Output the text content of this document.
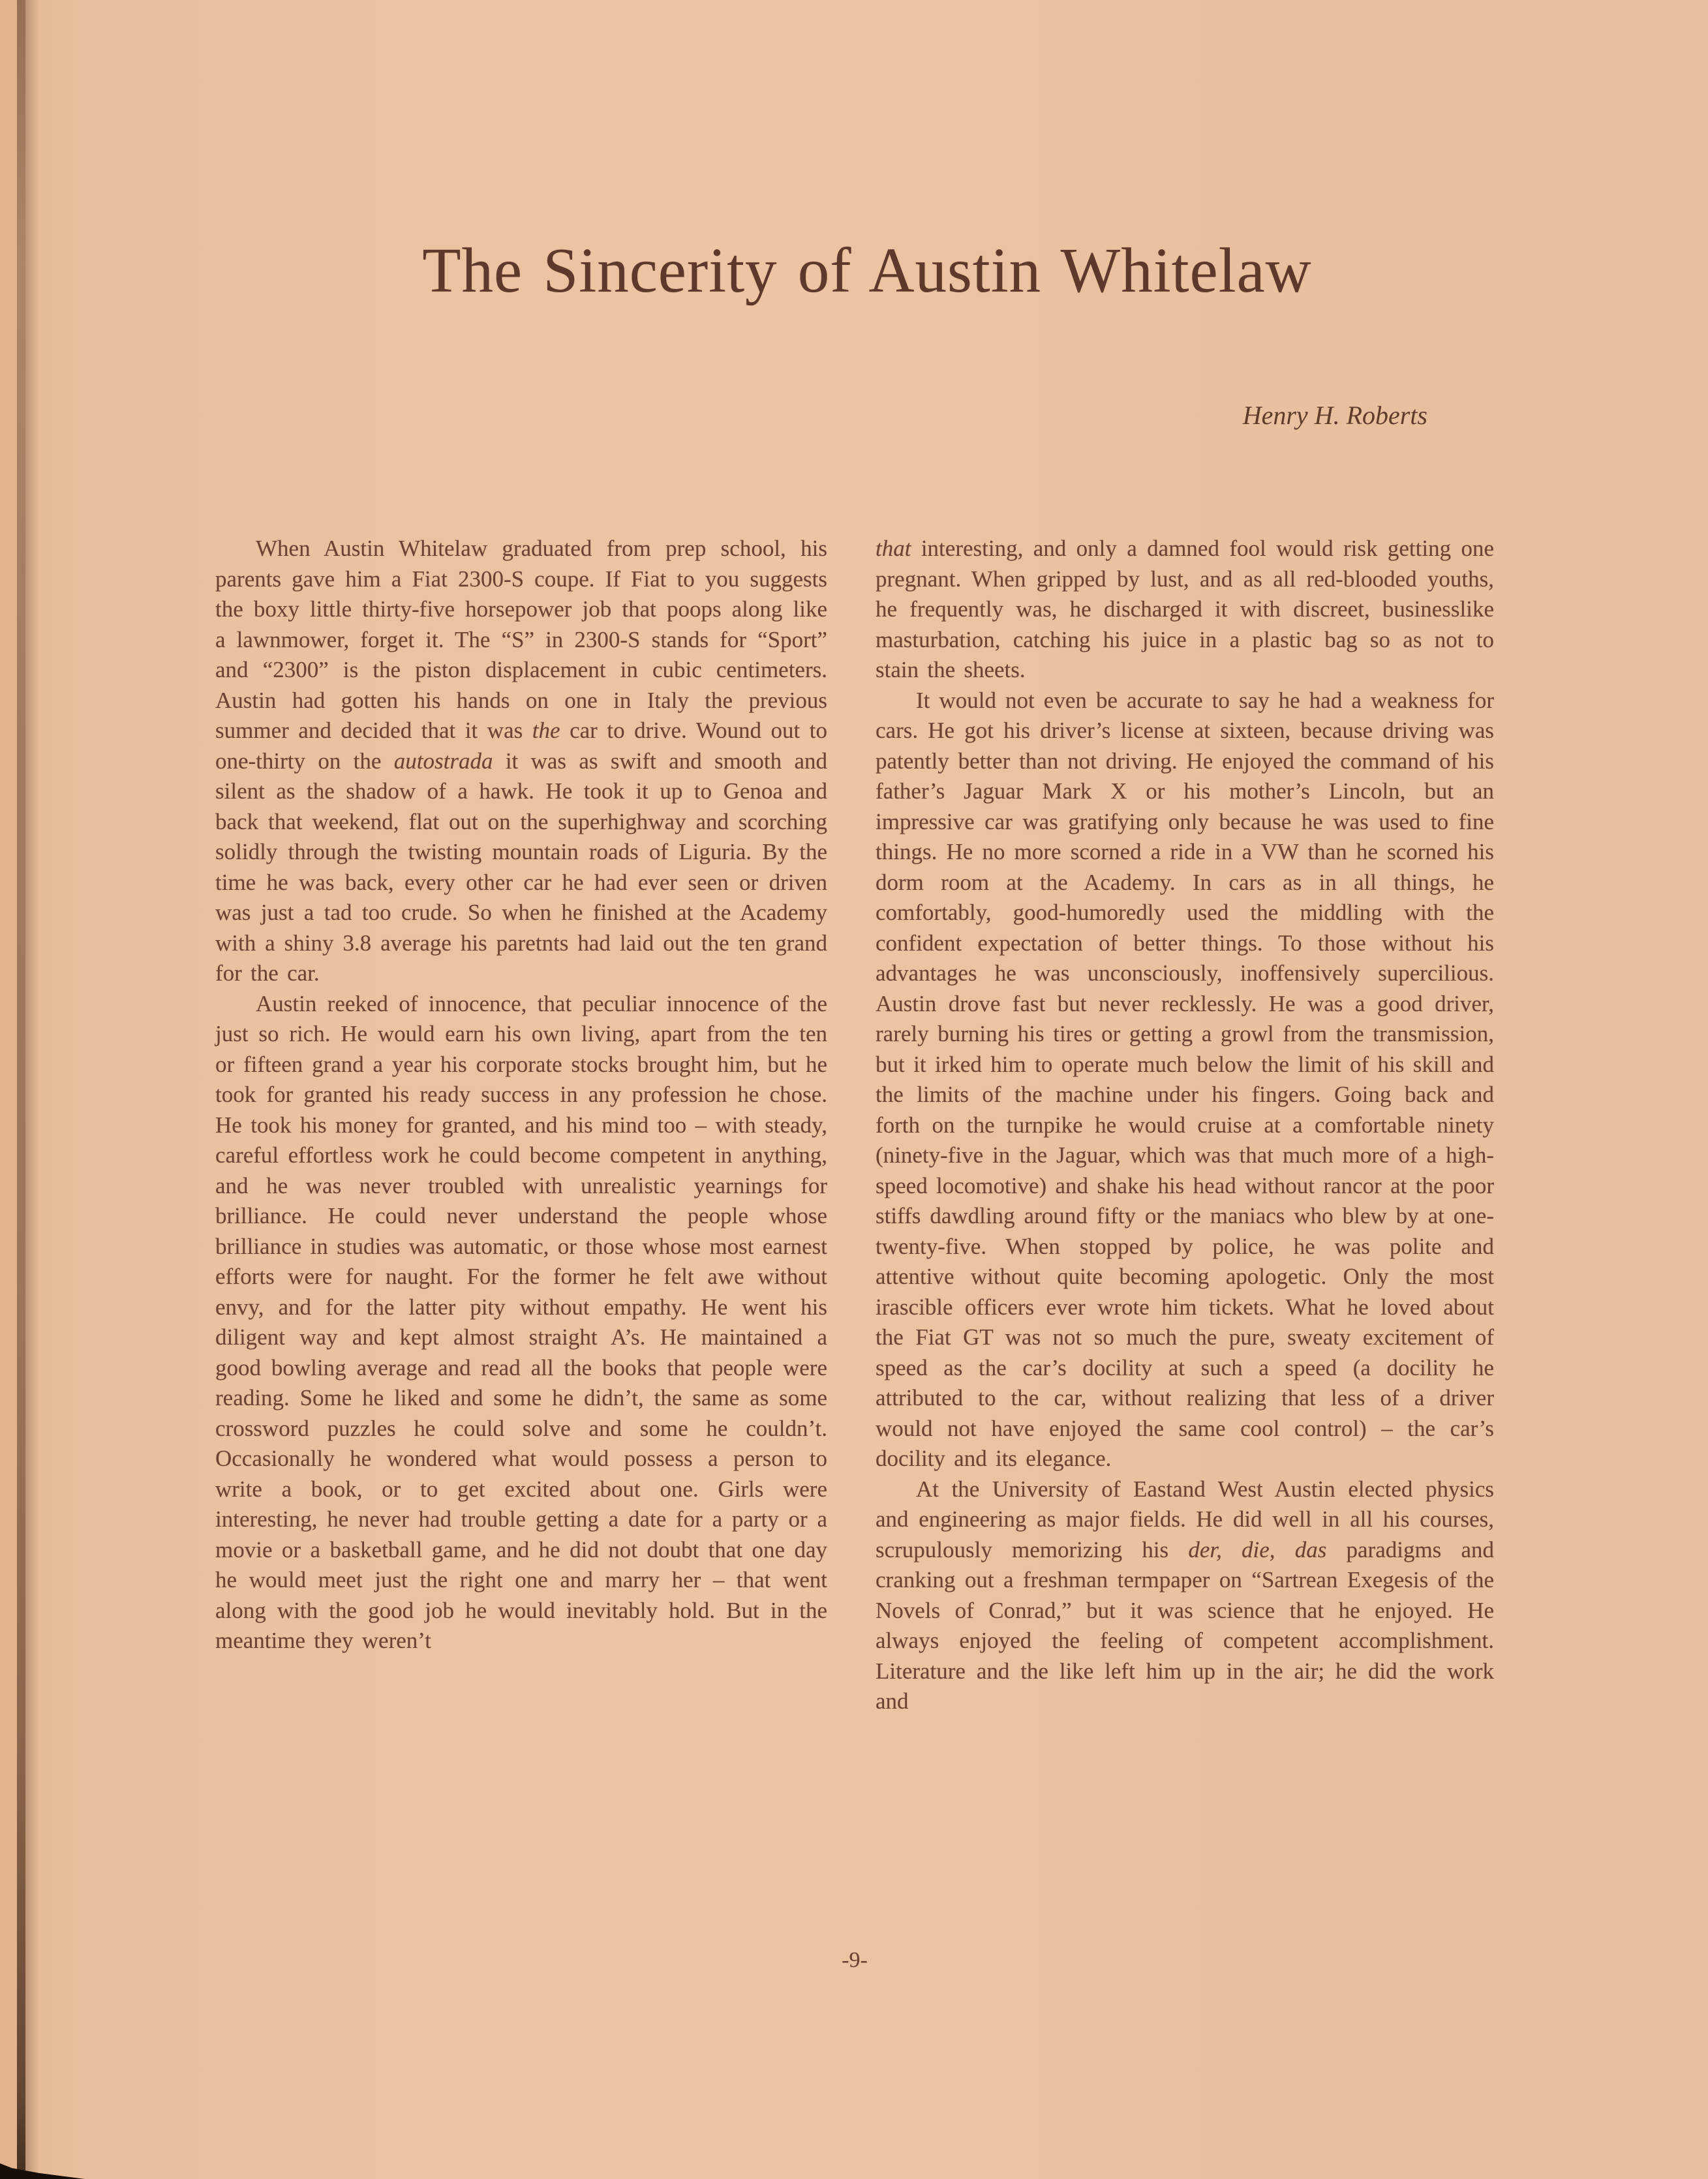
The Sincerity of Austin Whitelaw
Henry H. Roberts

When Austin Whitelaw graduated from prep school, his parents gave him a Fiat 2300-S coupe. If Fiat to you suggests the boxy little thirty-five horsepower job that poops along like a lawnmower, forget it. The “S” in 2300-S stands for “Sport” and “2300” is the piston displacement in cubic centimeters. Austin had gotten his hands on one in Italy the previous summer and decided that it was the car to drive. Wound out to one-thirty on the autostrada it was as swift and smooth and silent as the shadow of a hawk. He took it up to Genoa and back that weekend, flat out on the superhighway and scorching solidly through the twisting mountain roads of Liguria. By the time he was back, every other car he had ever seen or driven was just a tad too crude. So when he finished at the Academy with a shiny 3.8 average his paretnts had laid out the ten grand for the car.

Austin reeked of innocence, that peculiar innocence of the just so rich. He would earn his own living, apart from the ten or fifteen grand a year his corporate stocks brought him, but he took for granted his ready success in any profession he chose. He took his money for granted, and his mind too – with steady, careful effortless work he could become competent in anything, and he was never troubled with unrealistic yearnings for brilliance. He could never understand the people whose brilliance in studies was automatic, or those whose most earnest efforts were for naught. For the former he felt awe without envy, and for the latter pity without empathy. He went his diligent way and kept almost straight A’s. He maintained a good bowling average and read all the books that people were reading. Some he liked and some he didn’t, the same as some crossword puzzles he could solve and some he couldn’t. Occasionally he wondered what would possess a person to write a book, or to get excited about one. Girls were interesting, he never had trouble getting a date for a party or a movie or a basketball game, and he did not doubt that one day he would meet just the right one and marry her – that went along with the good job he would inevitably hold. But in the meantime they weren’t

that interesting, and only a damned fool would risk getting one pregnant. When gripped by lust, and as all red-blooded youths, he frequently was, he discharged it with discreet, businesslike masturbation, catching his juice in a plastic bag so as not to stain the sheets.

It would not even be accurate to say he had a weakness for cars. He got his driver’s license at sixteen, because driving was patently better than not driving. He enjoyed the command of his father’s Jaguar Mark X or his mother’s Lincoln, but an impressive car was gratifying only because he was used to fine things. He no more scorned a ride in a VW than he scorned his dorm room at the Academy. In cars as in all things, he comfortably, good-humoredly used the middling with the confident expectation of better things. To those without his advantages he was unconsciously, inoffensively supercilious. Austin drove fast but never recklessly. He was a good driver, rarely burning his tires or getting a growl from the transmission, but it irked him to operate much below the limit of his skill and the limits of the machine under his fingers. Going back and forth on the turnpike he would cruise at a comfortable ninety (ninety-five in the Jaguar, which was that much more of a high-speed locomotive) and shake his head without rancor at the poor stiffs dawdling around fifty or the maniacs who blew by at one-twenty-five. When stopped by police, he was polite and attentive without quite becoming apologetic. Only the most irascible officers ever wrote him tickets. What he loved about the Fiat GT was not so much the pure, sweaty excitement of speed as the car’s docility at such a speed (a docility he attributed to the car, without realizing that less of a driver would not have enjoyed the same cool control) – the car’s docility and its elegance.

At the University of Eastand West Austin elected physics and engineering as major fields. He did well in all his courses, scrupulously memorizing his der, die, das paradigms and cranking out a freshman termpaper on “Sartrean Exegesis of the Novels of Conrad,” but it was science that he enjoyed. He always enjoyed the feeling of competent accomplishment. Literature and the like left him up in the air; he did the work and

-9-
